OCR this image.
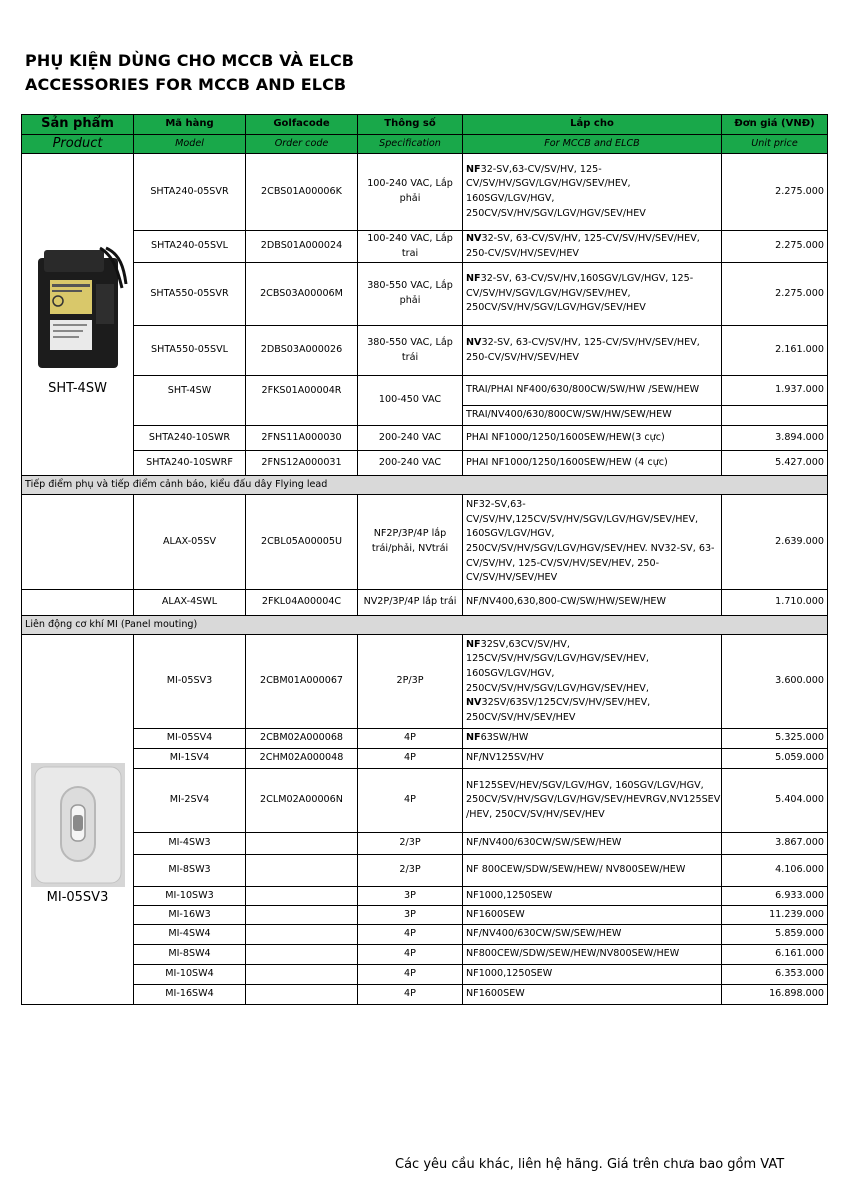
PHỤ KIỆN DÙNG CHO MCCB VÀ ELCB
ACCESSORIES FOR MCCB AND ELCB
Sản phẩm	Mã hàng	Golfacode	Thông số	Lắp cho	Đơn giá (VNĐ)
Product	Model	Order code	Specification	For MCCB and ELCB	Unit price

SHT-4SW	SHTA240-05SVR	2CBS01A00006K	100-240 VAC, Lắp phải	NF32-SV,63-CV/SV/HV, 125-CV/SV/HV/SGV/LGV/HGV/SEV/HEV, 160SGV/LGV/HGV, 250CV/SV/HV/SGV/LGV/HGV/SEV/HEV	2.275.000
	SHTA240-05SVL	2DBS01A000024	100-240 VAC, Lắp trai	NV32-SV, 63-CV/SV/HV, 125-CV/SV/HV/SEV/HEV, 250-CV/SV/HV/SEV/HEV	2.275.000
	SHTA550-05SVR	2CBS03A00006M	380-550 VAC, Lắp phải	NF32-SV, 63-CV/SV/HV,160SGV/LGV/HGV, 125-CV/SV/HV/SGV/LGV/HGV/SEV/HEV, 250CV/SV/HV/SGV/LGV/HGV/SEV/HEV	2.275.000
	SHTA550-05SVL	2DBS03A000026	380-550 VAC, Lắp trái	NV32-SV, 63-CV/SV/HV, 125-CV/SV/HV/SEV/HEV, 250-CV/SV/HV/SEV/HEV	2.161.000
	SHT-4SW	2FKS01A00004R	100-450 VAC	TRAI/PHAI NF400/630/800CW/SW/HW /SEW/HEW	1.937.000
				TRAI/NV400/630/800CW/SW/HW/SEW/HEW	
	SHTA240-10SWR	2FNS11A000030	200-240 VAC	PHAI NF1000/1250/1600SEW/HEW(3 cực)	3.894.000
	SHTA240-10SWRF	2FNS12A000031	200-240 VAC	PHAI NF1000/1250/1600SEW/HEW (4 cực)	5.427.000
Tiếp điểm phụ và tiếp điểm cảnh báo, kiểu đấu dây Flying lead					
	ALAX-05SV	2CBL05A00005U	NF2P/3P/4P lắp trái/phải, NVtrái	NF32-SV,63-CV/SV/HV,125CV/SV/HV/SGV/LGV/HGV/SEV/HEV, 160SGV/LGV/HGV, 250CV/SV/HV/SGV/LGV/HGV/SEV/HEV. NV32-SV, 63-CV/SV/HV, 125-CV/SV/HV/SEV/HEV, 250-CV/SV/HV/SEV/HEV	2.639.000
	ALAX-4SWL	2FKL04A00004C	NV2P/3P/4P lắp trái	NF/NV400,630,800-CW/SW/HW/SEW/HEW	1.710.000
Liên động cơ khí MI (Panel mouting)					

MI-05SV3	MI-05SV3	2CBM01A000067	2P/3P	NF32SV,63CV/SV/HV, 125CV/SV/HV/SGV/LGV/HGV/SEV/HEV, 160SGV/LGV/HGV, 250CV/SV/HV/SGV/LGV/HGV/SEV/HEV, NV32SV/63SV/125CV/SV/HV/SEV/HEV, 250CV/SV/HV/SEV/HEV	3.600.000
	MI-05SV4	2CBM02A000068	4P	NF63SW/HW	5.325.000
	MI-1SV4	2CHM02A000048	4P	NF/NV125SV/HV	5.059.000
	MI-2SV4	2CLM02A00006N	4P	NF125SEV/HEV/SGV/LGV/HGV, 160SGV/LGV/HGV, 250CV/SV/HV/SGV/LGV/HGV/SEV/HEVRGV,NV125SEV /HEV, 250CV/SV/HV/SEV/HEV	5.404.000
	MI-4SW3		2/3P	NF/NV400/630CW/SW/SEW/HEW	3.867.000
	MI-8SW3		2/3P	NF 800CEW/SDW/SEW/HEW/ NV800SEW/HEW	4.106.000
	MI-10SW3		3P	NF1000,1250SEW	6.933.000
	MI-16W3		3P	NF1600SEW	11.239.000
	MI-4SW4		4P	NF/NV400/630CW/SW/SEW/HEW	5.859.000
	MI-8SW4		4P	NF800CEW/SDW/SEW/HEW/NV800SEW/HEW	6.161.000
	MI-10SW4		4P	NF1000,1250SEW	6.353.000
	MI-16SW4		4P	NF1600SEW	16.898.000
Các yêu cầu khác, liên hệ hãng. Giá trên chưa bao gồm VAT
